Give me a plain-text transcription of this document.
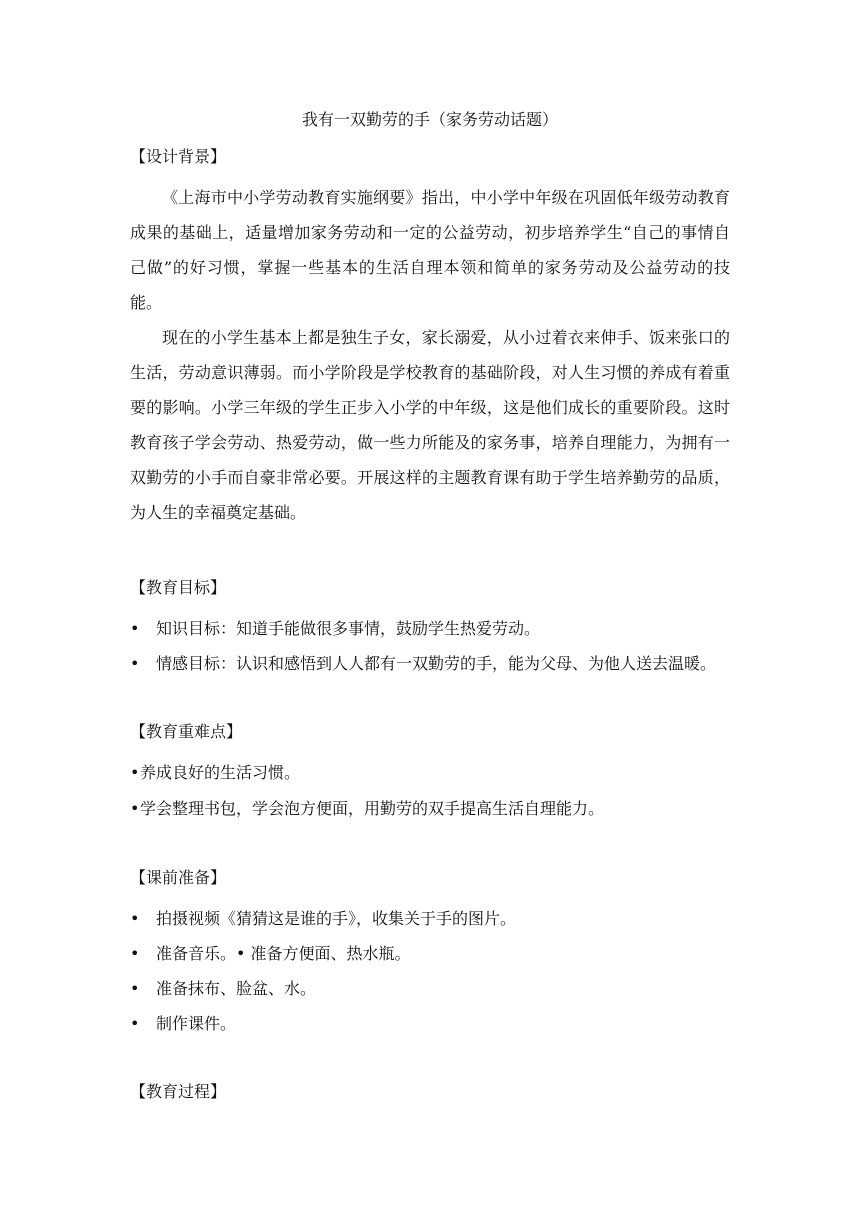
我有一双勤劳的手（家务劳动话题）

【设计背景】

《上海市中小学劳动教育实施纲要》指出，中小学中年级在巩固低年级劳动教育成果的基础上，适量增加家务劳动和一定的公益劳动，初步培养学生“自己的事情自己做”的好习惯，掌握一些基本的生活自理本领和简单的家务劳动及公益劳动的技能。

现在的小学生基本上都是独生子女，家长溺爱，从小过着衣来伸手、饭来张口的生活，劳动意识薄弱。而小学阶段是学校教育的基础阶段，对人生习惯的养成有着重要的影响。小学三年级的学生正步入小学的中年级，这是他们成长的重要阶段。这时教育孩子学会劳动、热爱劳动，做一些力所能及的家务事，培养自理能力，为拥有一双勤劳的小手而自豪非常必要。开展这样的主题教育课有助于学生培养勤劳的品质，为人生的幸福奠定基础。

【教育目标】

•	知识目标：知道手能做很多事情，鼓励学生热爱劳动。
•	情感目标：认识和感悟到人人都有一双勤劳的手，能为父母、为他人送去温暖。

【教育重难点】

•养成良好的生活习惯。
•学会整理书包，学会泡方便面，用勤劳的双手提高生活自理能力。

【课前准备】

• 拍摄视频《猜猜这是谁的手》，收集关于手的图片。
• 准备音乐。• 准备方便面、热水瓶。
• 准备抹布、脸盆、水。
• 制作课件。

【教育过程】
